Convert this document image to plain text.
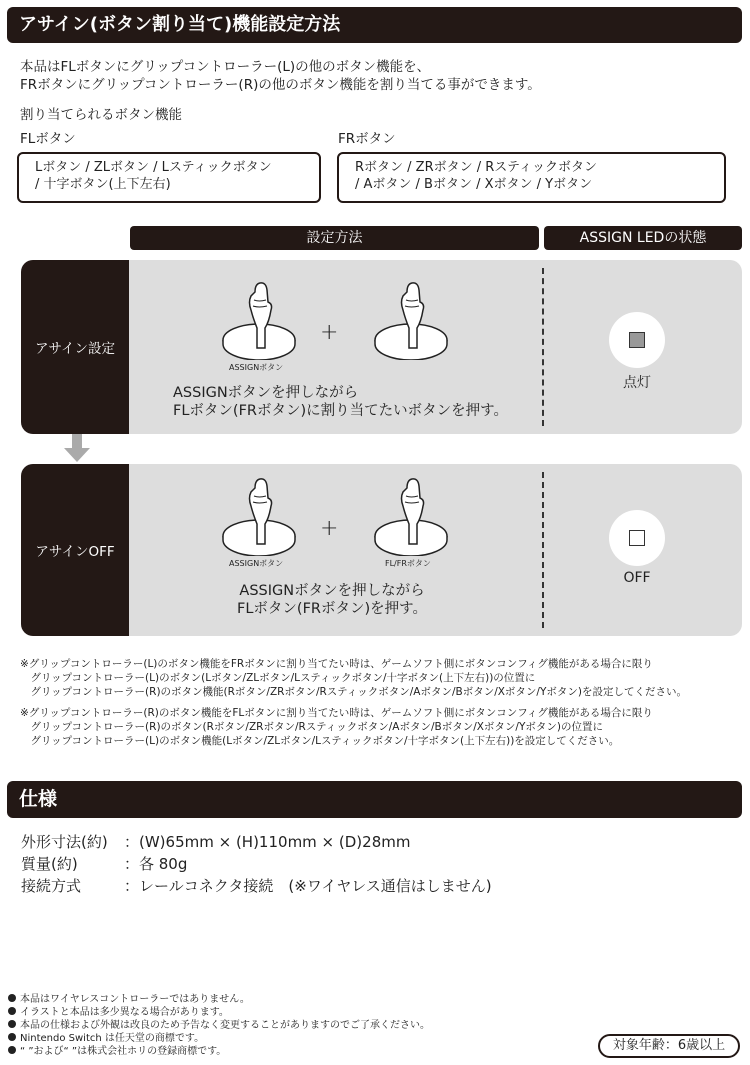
アサイン(ボタン割り当て)機能設定方法
本品はFLボタンにグリップコントローラー(L)の他のボタン機能を、
FRボタンにグリップコントローラー(R)の他のボタン機能を割り当てる事ができます。
割り当てられるボタン機能
FLボタン	FRボタン
Lボタン / ZLボタン / Lスティックボタン
/ 十字ボタン(上下左右)
Rボタン / ZRボタン / Rスティックボタン
/ Aボタン / Bボタン / Xボタン / Yボタン
設定方法	ASSIGN LEDの状態
アサイン設定
ASSIGNボタン
+
ASSIGNボタンを押しながら
FLボタン(FRボタン)に割り当てたいボタンを押す。
点灯
アサインOFF
ASSIGNボタン
+
FL/FRボタン
ASSIGNボタンを押しながら
FLボタン(FRボタン)を押す。
OFF
※グリップコントローラー(L)のボタン機能をFRボタンに割り当てたい時は、ゲームソフト側にボタンコンフィグ機能がある場合に限り
　グリップコントローラー(L)のボタン(Lボタン/ZLボタン/Lスティックボタン/十字ボタン(上下左右))の位置に
　グリップコントローラー(R)のボタン機能(Rボタン/ZRボタン/Rスティックボタン/Aボタン/Bボタン/Xボタン/Yボタン)を設定してください。
※グリップコントローラー(R)のボタン機能をFLボタンに割り当てたい時は、ゲームソフト側にボタンコンフィグ機能がある場合に限り
　グリップコントローラー(R)のボタン(Rボタン/ZRボタン/Rスティックボタン/Aボタン/Bボタン/Xボタン/Yボタン)の位置に
　グリップコントローラー(L)のボタン機能(Lボタン/ZLボタン/Lスティックボタン/十字ボタン(上下左右))を設定してください。
仕様
外形寸法(約) ：(W)65mm × (H)110mm × (D)28mm
質量(約)	：各 80g
接続方式	：レールコネクタ接続　(※ワイヤレス通信はしません)
本品はワイヤレスコントローラーではありません。
イラストと本品は多少異なる場合があります。
本品の仕様および外観は改良のため予告なく変更することがありますのでご了承ください。
Nintendo Switch は任天堂の商標です。
“ ”および“ ”は株式会社ホリの登録商標です。	対象年齢：6歳以上
